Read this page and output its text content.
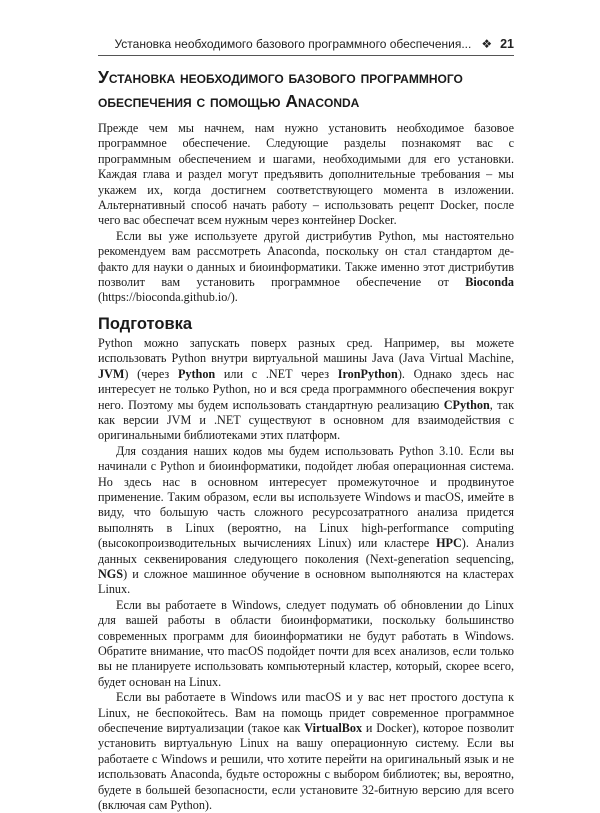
Установка необходимого базового программного обеспечения... ❖ 21
Установка необходимого базового программного обеспечения с помощью Anaconda

Прежде чем мы начнем, нам нужно установить необходимое базовое программное обеспечение. Следующие разделы познакомят вас с программным обеспечением и шагами, необходимыми для его установки. Каждая глава и раздел могут предъявить дополнительные требования – мы укажем их, когда достигнем соответствующего момента в изложении. Альтернативный способ начать работу – использовать рецепт Docker, после чего вас обеспечат всем нужным через контейнер Docker.

Если вы уже используете другой дистрибутив Python, мы настоятельно рекомендуем вам рассмотреть Anaconda, поскольку он стал стандартом де-факто для науки о данных и биоинформатики. Также именно этот дистрибутив позволит вам установить программное обеспечение от Bioconda (https://bioconda.github.io/).

Подготовка

Python можно запускать поверх разных сред. Например, вы можете использовать Python внутри виртуальной машины Java (Java Virtual Machine, JVM) (через Python или с .NET через IronPython). Однако здесь нас интересует не только Python, но и вся среда программного обеспечения вокруг него. Поэтому мы будем использовать стандартную реализацию CPython, так как версии JVM и .NET существуют в основном для взаимодействия с оригинальными библиотеками этих платформ.

Для создания наших кодов мы будем использовать Python 3.10. Если вы начинали с Python и биоинформатики, подойдет любая операционная система. Но здесь нас в основном интересует промежуточное и продвинутое применение. Таким образом, если вы используете Windows и macOS, имейте в виду, что большую часть сложного ресурсозатратного анализа придется выполнять в Linux (вероятно, на Linux high-performance computing (высокопроизводительных вычислениях Linux) или кластере HPC). Анализ данных секвенирования следующего поколения (Next-generation sequencing, NGS) и сложное машинное обучение в основном выполняются на кластерах Linux.

Если вы работаете в Windows, следует подумать об обновлении до Linux для вашей работы в области биоинформатики, поскольку большинство современных программ для биоинформатики не будут работать в Windows. Обратите внимание, что macOS подойдет почти для всех анализов, если только вы не планируете использовать компьютерный кластер, который, скорее всего, будет основан на Linux.

Если вы работаете в Windows или macOS и у вас нет простого доступа к Linux, не беспокойтесь. Вам на помощь придет современное программное обеспечение виртуализации (такое как VirtualBox и Docker), которое позволит установить виртуальную Linux на вашу операционную систему. Если вы работаете с Windows и решили, что хотите перейти на оригинальный язык и не использовать Anaconda, будьте осторожны с выбором библиотек; вы, вероятно, будете в большей безопасности, если установите 32-битную версию для всего (включая сам Python).
